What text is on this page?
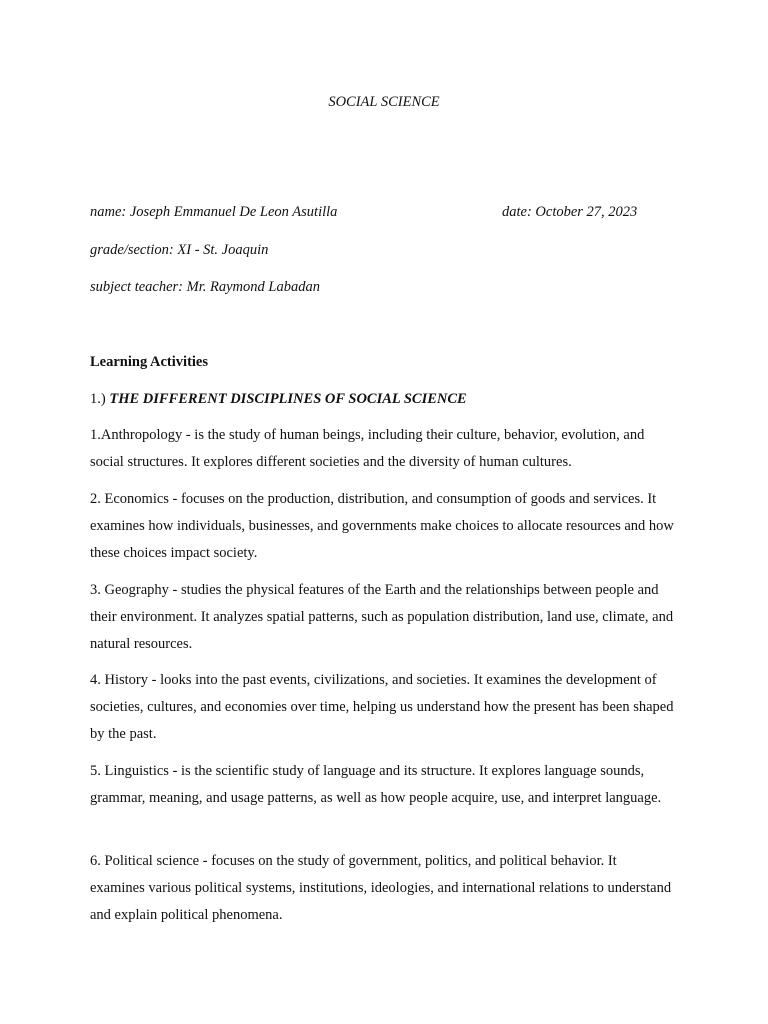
SOCIAL SCIENCE
name: Joseph Emmanuel De Leon Asutilla	date: October 27, 2023
grade/section: XI - St. Joaquin
subject teacher: Mr. Raymond Labadan
Learning Activities
1.) THE DIFFERENT DISCIPLINES OF SOCIAL SCIENCE
1.Anthropology - is the study of human beings, including their culture, behavior, evolution, and social structures. It explores different societies and the diversity of human cultures.
2. Economics - focuses on the production, distribution, and consumption of goods and services. It examines how individuals, businesses, and governments make choices to allocate resources and how these choices impact society.
3. Geography - studies the physical features of the Earth and the relationships between people and their environment. It analyzes spatial patterns, such as population distribution, land use, climate, and natural resources.
4. History - looks into the past events, civilizations, and societies. It examines the development of societies, cultures, and economies over time, helping us understand how the present has been shaped by the past.
5. Linguistics - is the scientific study of language and its structure. It explores language sounds, grammar, meaning, and usage patterns, as well as how people acquire, use, and interpret language.
6. Political science - focuses on the study of government, politics, and political behavior. It examines various political systems, institutions, ideologies, and international relations to understand and explain political phenomena.
